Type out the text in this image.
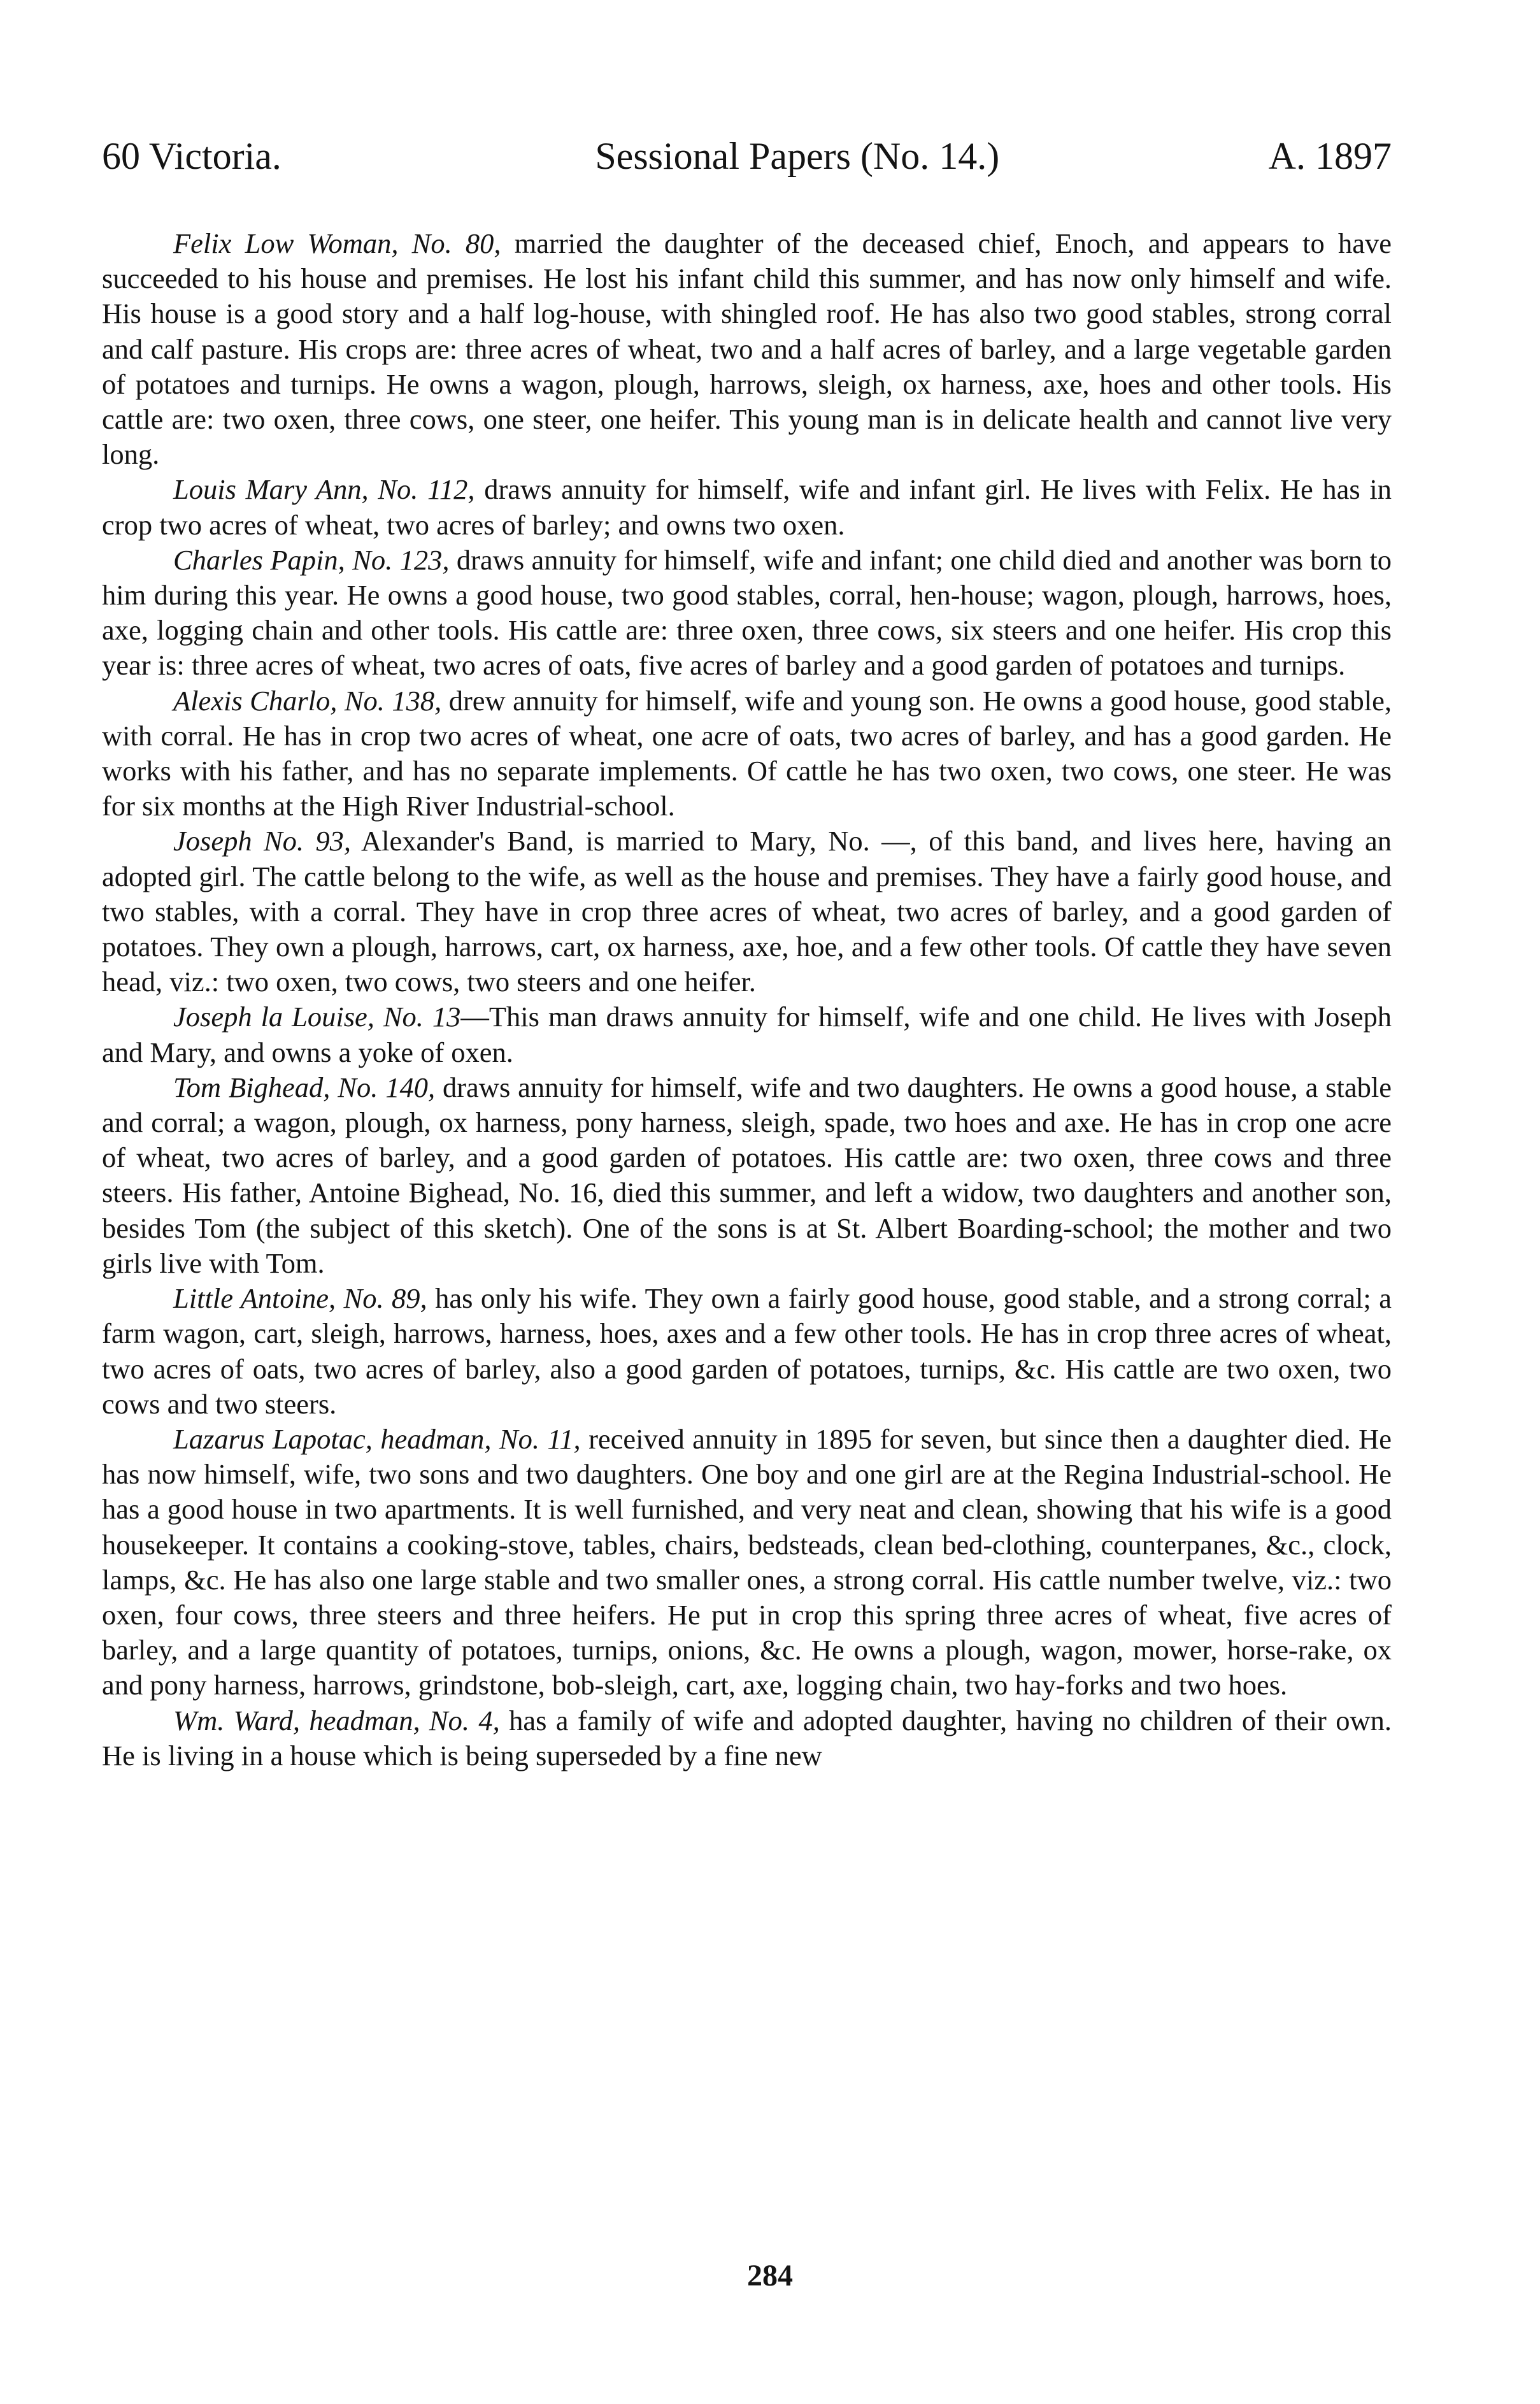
60 Victoria.	Sessional Papers (No. 14.)	A. 1897

Felix Low Woman, No. 80, married the daughter of the deceased chief, Enoch, and appears to have succeeded to his house and premises. He lost his infant child this summer, and has now only himself and wife. His house is a good story and a half log-house, with shingled roof. He has also two good stables, strong corral and calf pasture. His crops are: three acres of wheat, two and a half acres of barley, and a large vegetable garden of potatoes and turnips. He owns a wagon, plough, harrows, sleigh, ox harness, axe, hoes and other tools. His cattle are: two oxen, three cows, one steer, one heifer. This young man is in delicate health and cannot live very long.

Louis Mary Ann, No. 112, draws annuity for himself, wife and infant girl. He lives with Felix. He has in crop two acres of wheat, two acres of barley; and owns two oxen.

Charles Papin, No. 123, draws annuity for himself, wife and infant; one child died and another was born to him during this year. He owns a good house, two good stables, corral, hen-house; wagon, plough, harrows, hoes, axe, logging chain and other tools. His cattle are: three oxen, three cows, six steers and one heifer. His crop this year is: three acres of wheat, two acres of oats, five acres of barley and a good garden of potatoes and turnips.

Alexis Charlo, No. 138, drew annuity for himself, wife and young son. He owns a good house, good stable, with corral. He has in crop two acres of wheat, one acre of oats, two acres of barley, and has a good garden. He works with his father, and has no separate implements. Of cattle he has two oxen, two cows, one steer. He was for six months at the High River Industrial-school.

Joseph No. 93, Alexander's Band, is married to Mary, No. —, of this band, and lives here, having an adopted girl. The cattle belong to the wife, as well as the house and premises. They have a fairly good house, and two stables, with a corral. They have in crop three acres of wheat, two acres of barley, and a good garden of potatoes. They own a plough, harrows, cart, ox harness, axe, hoe, and a few other tools. Of cattle they have seven head, viz.: two oxen, two cows, two steers and one heifer.

Joseph la Louise, No. 13—This man draws annuity for himself, wife and one child. He lives with Joseph and Mary, and owns a yoke of oxen.

Tom Bighead, No. 140, draws annuity for himself, wife and two daughters. He owns a good house, a stable and corral; a wagon, plough, ox harness, pony harness, sleigh, spade, two hoes and axe. He has in crop one acre of wheat, two acres of barley, and a good garden of potatoes. His cattle are: two oxen, three cows and three steers. His father, Antoine Bighead, No. 16, died this summer, and left a widow, two daughters and another son, besides Tom (the subject of this sketch). One of the sons is at St. Albert Boarding-school; the mother and two girls live with Tom.

Little Antoine, No. 89, has only his wife. They own a fairly good house, good stable, and a strong corral; a farm wagon, cart, sleigh, harrows, harness, hoes, axes and a few other tools. He has in crop three acres of wheat, two acres of oats, two acres of barley, also a good garden of potatoes, turnips, &c. His cattle are two oxen, two cows and two steers.

Lazarus Lapotac, headman, No. 11, received annuity in 1895 for seven, but since then a daughter died. He has now himself, wife, two sons and two daughters. One boy and one girl are at the Regina Industrial-school. He has a good house in two apartments. It is well furnished, and very neat and clean, showing that his wife is a good housekeeper. It contains a cooking-stove, tables, chairs, bedsteads, clean bed-clothing, counterpanes, &c., clock, lamps, &c. He has also one large stable and two smaller ones, a strong corral. His cattle number twelve, viz.: two oxen, four cows, three steers and three heifers. He put in crop this spring three acres of wheat, five acres of barley, and a large quantity of potatoes, turnips, onions, &c. He owns a plough, wagon, mower, horse-rake, ox and pony harness, harrows, grindstone, bob-sleigh, cart, axe, logging chain, two hay-forks and two hoes.

Wm. Ward, headman, No. 4, has a family of wife and adopted daughter, having no children of their own. He is living in a house which is being superseded by a fine new

284
